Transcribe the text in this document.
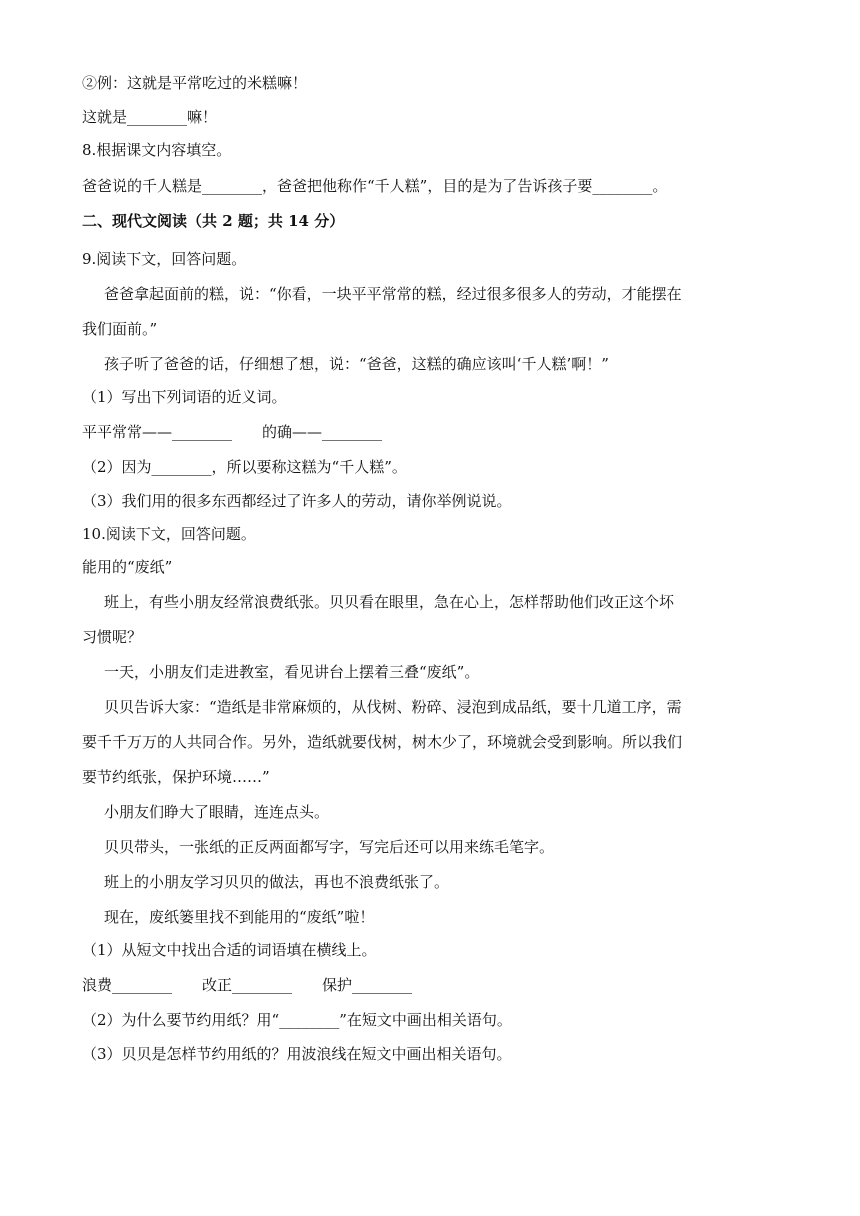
②例：这就是平常吃过的米糕嘛！
这就是________嘛！
8.根据课文内容填空。
爸爸说的千人糕是________，爸爸把他称作“千人糕”，目的是为了告诉孩子要________。
二、现代文阅读（共 2 题；共 14 分）
9.阅读下文，回答问题。
爸爸拿起面前的糕，说：“你看，一块平平常常的糕，经过很多很多人的劳动，才能摆在
我们面前。”
孩子听了爸爸的话，仔细想了想，说：“爸爸，这糕的确应该叫‘千人糕’啊！”
（1）写出下列词语的近义词。
平平常常——________　　的确——________
（2）因为________，所以要称这糕为“千人糕”。
（3）我们用的很多东西都经过了许多人的劳动，请你举例说说。
10.阅读下文，回答问题。
能用的“废纸”
班上，有些小朋友经常浪费纸张。贝贝看在眼里，急在心上，怎样帮助他们改正这个坏
习惯呢？
一天，小朋友们走进教室，看见讲台上摆着三叠“废纸”。
贝贝告诉大家：“造纸是非常麻烦的，从伐树、粉碎、浸泡到成品纸，要十几道工序，需
要千千万万的人共同合作。另外，造纸就要伐树，树木少了，环境就会受到影响。所以我们
要节约纸张，保护环境……”
小朋友们睁大了眼睛，连连点头。
贝贝带头，一张纸的正反两面都写字，写完后还可以用来练毛笔字。
班上的小朋友学习贝贝的做法，再也不浪费纸张了。
现在，废纸篓里找不到能用的“废纸”啦！
（1）从短文中找出合适的词语填在横线上。
浪费________　　改正________　　保护________
（2）为什么要节约用纸？用“________”在短文中画出相关语句。
（3）贝贝是怎样节约用纸的？用波浪线在短文中画出相关语句。
